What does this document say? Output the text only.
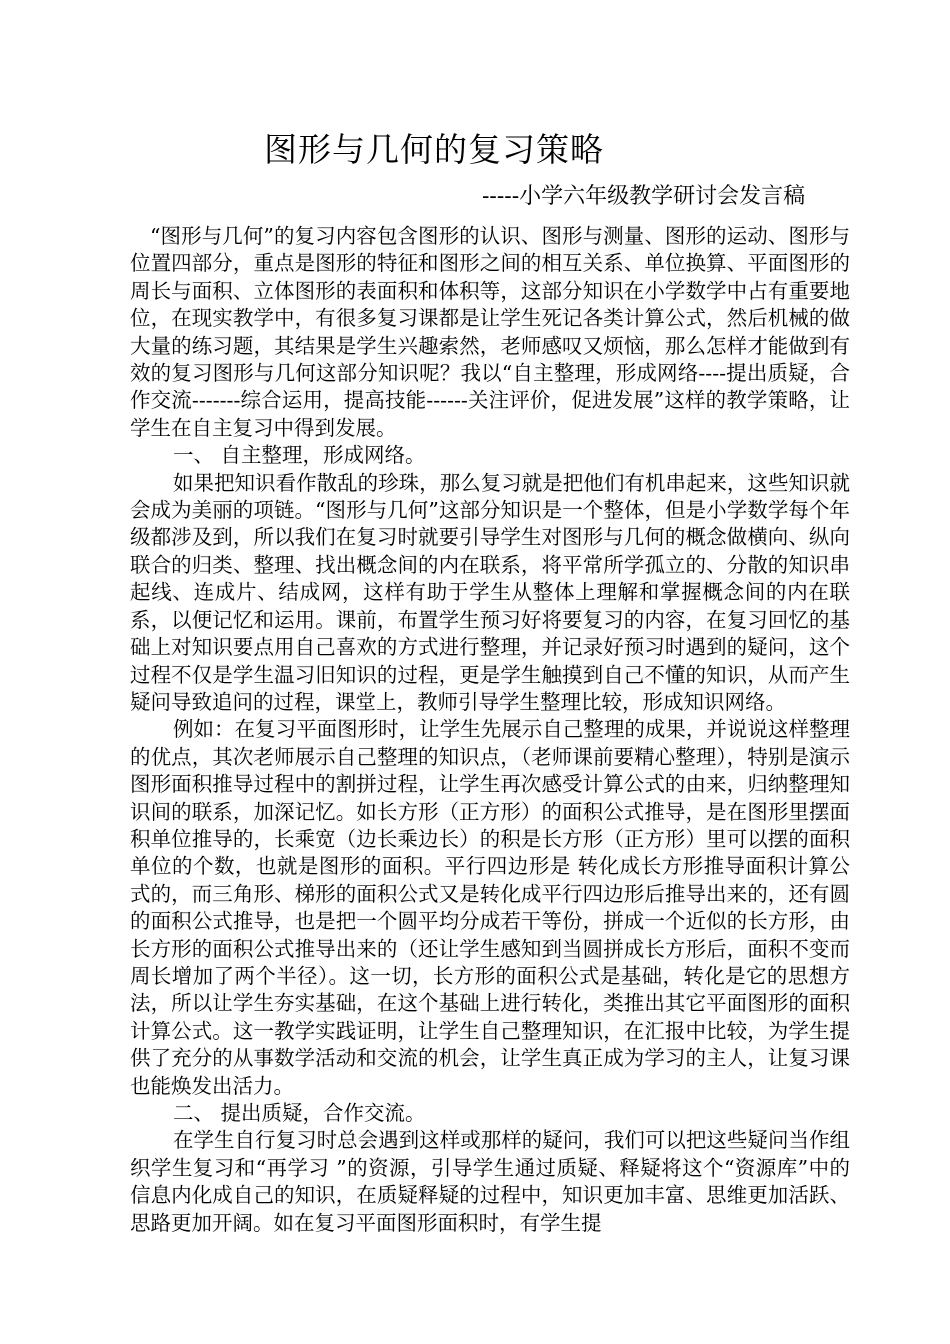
图形与几何的复习策略
-----小学六年级教学研讨会发言稿

“图形与几何”的复习内容包含图形的认识、图形与测量、图形的运动、图形与位置四部分，重点是图形的特征和图形之间的相互关系、单位换算、平面图形的周长与面积、立体图形的表面积和体积等，这部分知识在小学数学中占有重要地位，在现实教学中，有很多复习课都是让学生死记各类计算公式，然后机械的做大量的练习题，其结果是学生兴趣索然，老师感叹又烦恼，那么怎样才能做到有效的复习图形与几何这部分知识呢？我以“自主整理，形成网络----提出质疑，合作交流-------综合运用，提高技能------关注评价，促进发展”这样的教学策略，让学生在自主复习中得到发展。

一、 自主整理，形成网络。

如果把知识看作散乱的珍珠，那么复习就是把他们有机串起来，这些知识就会成为美丽的项链。“图形与几何”这部分知识是一个整体，但是小学数学每个年级都涉及到，所以我们在复习时就要引导学生对图形与几何的概念做横向、纵向联合的归类、整理、找出概念间的内在联系，将平常所学孤立的、分散的知识串起线、连成片、结成网，这样有助于学生从整体上理解和掌握概念间的内在联系，以便记忆和运用。课前，布置学生预习好将要复习的内容，在复习回忆的基础上对知识要点用自己喜欢的方式进行整理，并记录好预习时遇到的疑问，这个过程不仅是学生温习旧知识的过程，更是学生触摸到自己不懂的知识，从而产生疑问导致追问的过程，课堂上，教师引导学生整理比较，形成知识网络。

例如：在复习平面图形时，让学生先展示自己整理的成果，并说说这样整理的优点，其次老师展示自己整理的知识点，（老师课前要精心整理），特别是演示图形面积推导过程中的割拼过程，让学生再次感受计算公式的由来，归纳整理知识间的联系，加深记忆。如长方形（正方形）的面积公式推导，是在图形里摆面积单位推导的，长乘宽（边长乘边长）的积是长方形（正方形）里可以摆的面积单位的个数，也就是图形的面积。平行四边形是 转化成长方形推导面积计算公式的，而三角形、梯形的面积公式又是转化成平行四边形后推导出来的，还有圆的面积公式推导，也是把一个圆平均分成若干等份，拼成一个近似的长方形，由长方形的面积公式推导出来的（还让学生感知到当圆拼成长方形后，面积不变而周长增加了两个半径）。这一切，长方形的面积公式是基础，转化是它的思想方法，所以让学生夯实基础，在这个基础上进行转化，类推出其它平面图形的面积计算公式。这一教学实践证明，让学生自己整理知识，在汇报中比较，为学生提供了充分的从事数学活动和交流的机会，让学生真正成为学习的主人，让复习课也能焕发出活力。

二、 提出质疑，合作交流。

在学生自行复习时总会遇到这样或那样的疑问，我们可以把这些疑问当作组织学生复习和“再学习 ”的资源，引导学生通过质疑、释疑将这个“资源库”中的信息内化成自己的知识，在质疑释疑的过程中，知识更加丰富、思维更加活跃、思路更加开阔。如在复习平面图形面积时，有学生提
